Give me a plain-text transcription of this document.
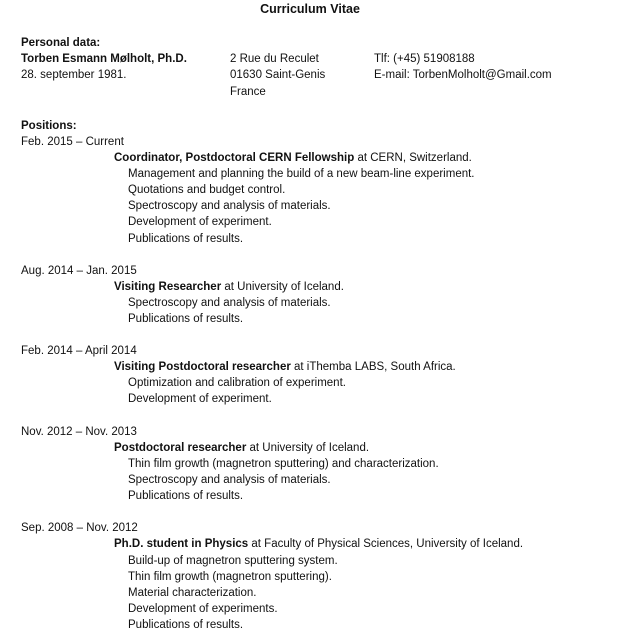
Curriculum Vitae
Personal data:
Torben Esmann Mølholt, Ph.D.
28. september 1981.
2 Rue du Reculet
01630 Saint-Genis
France
Tlf: (+45) 51908188
E-mail: TorbenMolholt@Gmail.com
Positions:
Feb. 2015 – Current
Coordinator, Postdoctoral CERN Fellowship at CERN, Switzerland.
Management and planning the build of a new beam-line experiment.
Quotations and budget control.
Spectroscopy and analysis of materials.
Development of experiment.
Publications of results.
Aug. 2014 – Jan. 2015
Visiting Researcher at University of Iceland.
Spectroscopy and analysis of materials.
Publications of results.
Feb. 2014 – April 2014
Visiting Postdoctoral researcher at iThemba LABS, South Africa.
Optimization and calibration of experiment.
Development of experiment.
Nov. 2012 – Nov. 2013
Postdoctoral researcher at University of Iceland.
Thin film growth (magnetron sputtering) and characterization.
Spectroscopy and analysis of materials.
Publications of results.
Sep. 2008 – Nov. 2012
Ph.D. student in Physics at Faculty of Physical Sciences, University of Iceland.
Build-up of magnetron sputtering system.
Thin film growth (magnetron sputtering).
Material characterization.
Development of experiments.
Publications of results.
